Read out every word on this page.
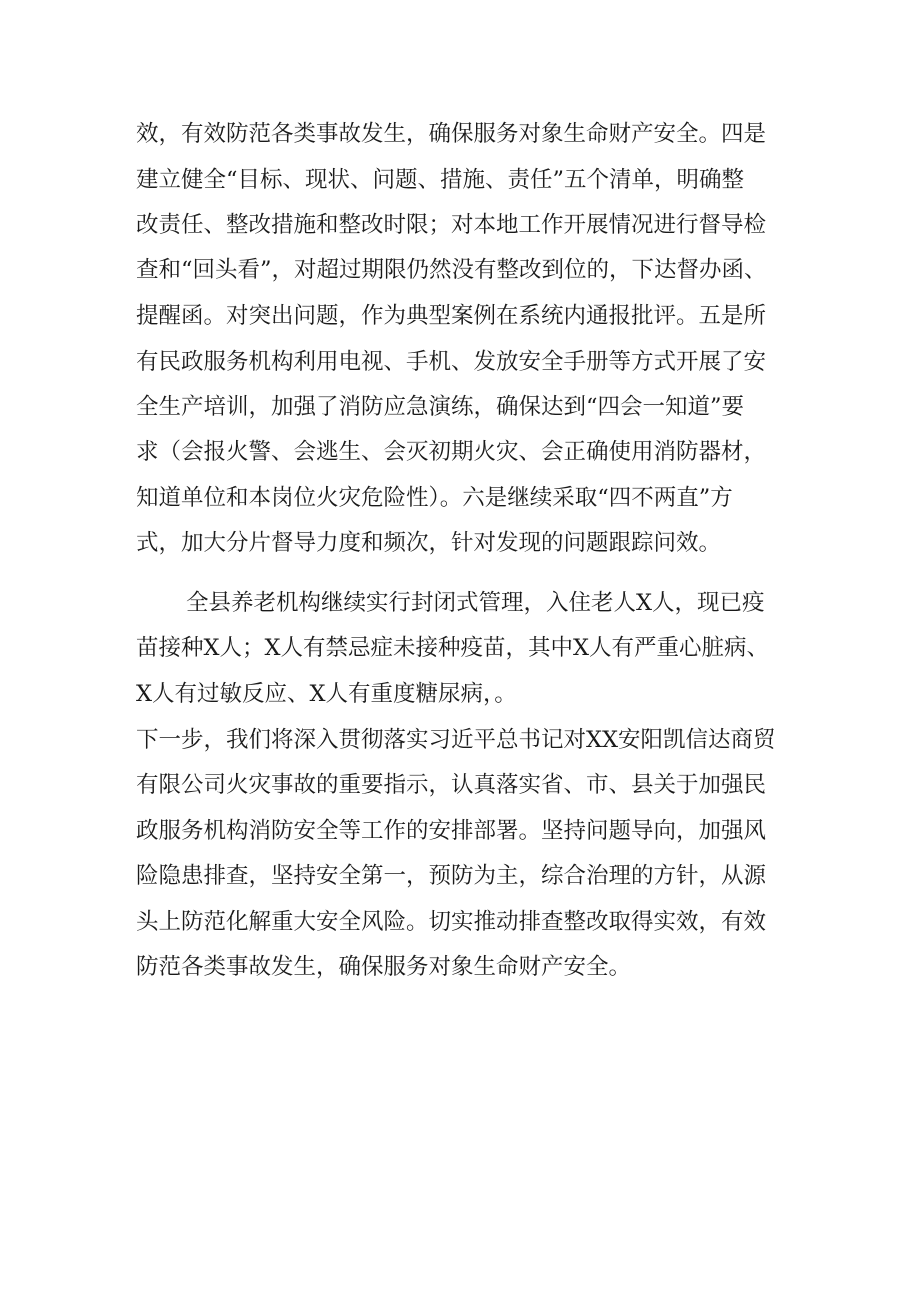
效，有效防范各类事故发生，确保服务对象生命财产安全。四是
建立健全“目标、现状、问题、措施、责任”五个清单，明确整
改责任、整改措施和整改时限；对本地工作开展情况进行督导检
查和“回头看”，对超过期限仍然没有整改到位的，下达督办函、
提醒函。对突出问题，作为典型案例在系统内通报批评。五是所
有民政服务机构利用电视、手机、发放安全手册等方式开展了安
全生产培训，加强了消防应急演练，确保达到“四会一知道”要
求（会报火警、会逃生、会灭初期火灾、会正确使用消防器材，
知道单位和本岗位火灾危险性）。六是继续采取“四不两直”方
式，加大分片督导力度和频次，针对发现的问题跟踪问效。
全县养老机构继续实行封闭式管理，入住老人X人，现已疫
苗接种X人；X人有禁忌症未接种疫苗，其中X人有严重心脏病、
X人有过敏反应、X人有重度糖尿病，。
下一步，我们将深入贯彻落实习近平总书记对XX安阳凯信达商贸
有限公司火灾事故的重要指示，认真落实省、市、县关于加强民
政服务机构消防安全等工作的安排部署。坚持问题导向，加强风
险隐患排查，坚持安全第一，预防为主，综合治理的方针，从源
头上防范化解重大安全风险。切实推动排查整改取得实效，有效
防范各类事故发生，确保服务对象生命财产安全。
